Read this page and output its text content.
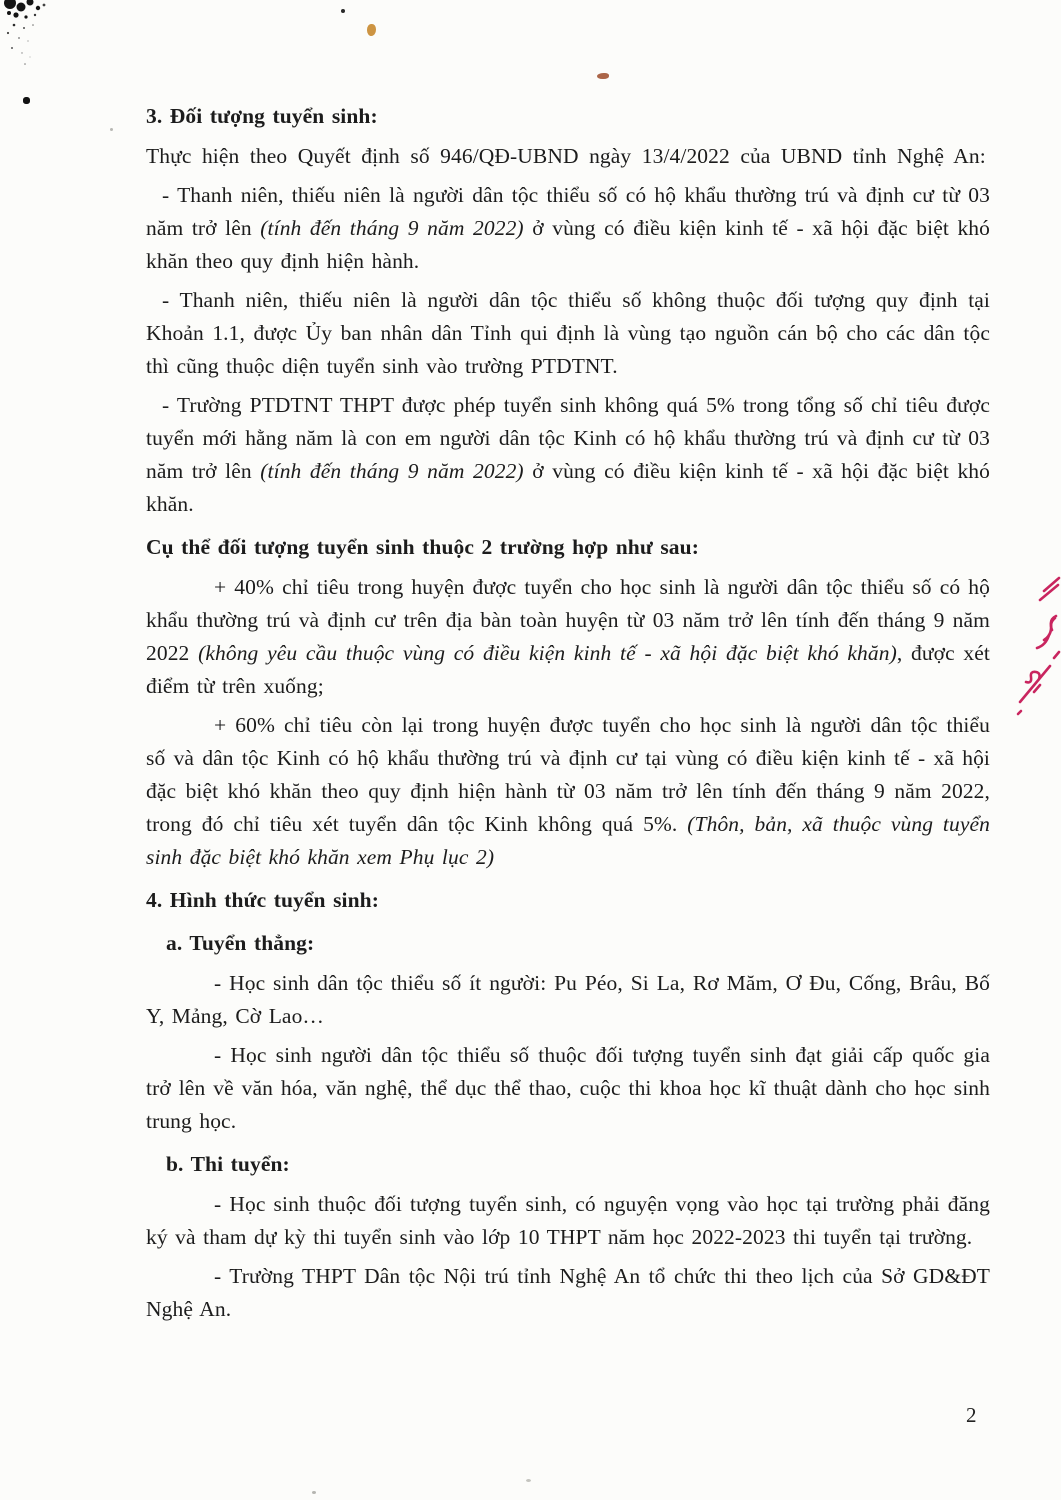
3. Đối tượng tuyển sinh:
Thực hiện theo Quyết định số 946/QĐ-UBND ngày 13/4/2022 của UBND tỉnh Nghệ An:
- Thanh niên, thiếu niên là người dân tộc thiểu số có hộ khẩu thường trú và định cư từ 03 năm trở lên (tính đến tháng 9 năm 2022) ở vùng có điều kiện kinh tế - xã hội đặc biệt khó khăn theo quy định hiện hành.
- Thanh niên, thiếu niên là người dân tộc thiểu số không thuộc đối tượng quy định tại Khoản 1.1, được Ủy ban nhân dân Tỉnh qui định là vùng tạo nguồn cán bộ cho các dân tộc thì cũng thuộc diện tuyển sinh vào trường PTDTNT.
- Trường PTDTNT THPT được phép tuyển sinh không quá 5% trong tổng số chỉ tiêu được tuyển mới hằng năm là con em người dân tộc Kinh có hộ khẩu thường trú và định cư từ 03 năm trở lên (tính đến tháng 9 năm 2022) ở vùng có điều kiện kinh tế - xã hội đặc biệt khó khăn.
Cụ thể đối tượng tuyển sinh thuộc 2 trường hợp như sau:
+ 40% chỉ tiêu trong huyện được tuyển cho học sinh là người dân tộc thiểu số có hộ khẩu thường trú và định cư trên địa bàn toàn huyện từ 03 năm trở lên tính đến tháng 9 năm 2022 (không yêu cầu thuộc vùng có điều kiện kinh tế - xã hội đặc biệt khó khăn), được xét điểm từ trên xuống;
+ 60% chỉ tiêu còn lại trong huyện được tuyển cho học sinh là người dân tộc thiểu số và dân tộc Kinh có hộ khẩu thường trú và định cư tại vùng có điều kiện kinh tế - xã hội đặc biệt khó khăn theo quy định hiện hành từ 03 năm trở lên tính đến tháng 9 năm 2022, trong đó chỉ tiêu xét tuyển dân tộc Kinh không quá 5%. (Thôn, bản, xã thuộc vùng tuyển sinh đặc biệt khó khăn xem Phụ lục 2)
4. Hình thức tuyển sinh:
a. Tuyển thẳng:
- Học sinh dân tộc thiểu số ít người: Pu Péo, Si La, Rơ Măm, Ơ Đu, Cống, Brâu, Bố Y, Mảng, Cờ Lao…
- Học sinh người dân tộc thiểu số thuộc đối tượng tuyển sinh đạt giải cấp quốc gia trở lên về văn hóa, văn nghệ, thể dục thể thao, cuộc thi khoa học kĩ thuật dành cho học sinh trung học.
b. Thi tuyển:
- Học sinh thuộc đối tượng tuyển sinh, có nguyện vọng vào học tại trường phải đăng ký và tham dự kỳ thi tuyển sinh vào lớp 10 THPT năm học 2022-2023 thi tuyển tại trường.
- Trường THPT Dân tộc Nội trú tỉnh Nghệ An tổ chức thi theo lịch của Sở GD&ĐT Nghệ An.
2
